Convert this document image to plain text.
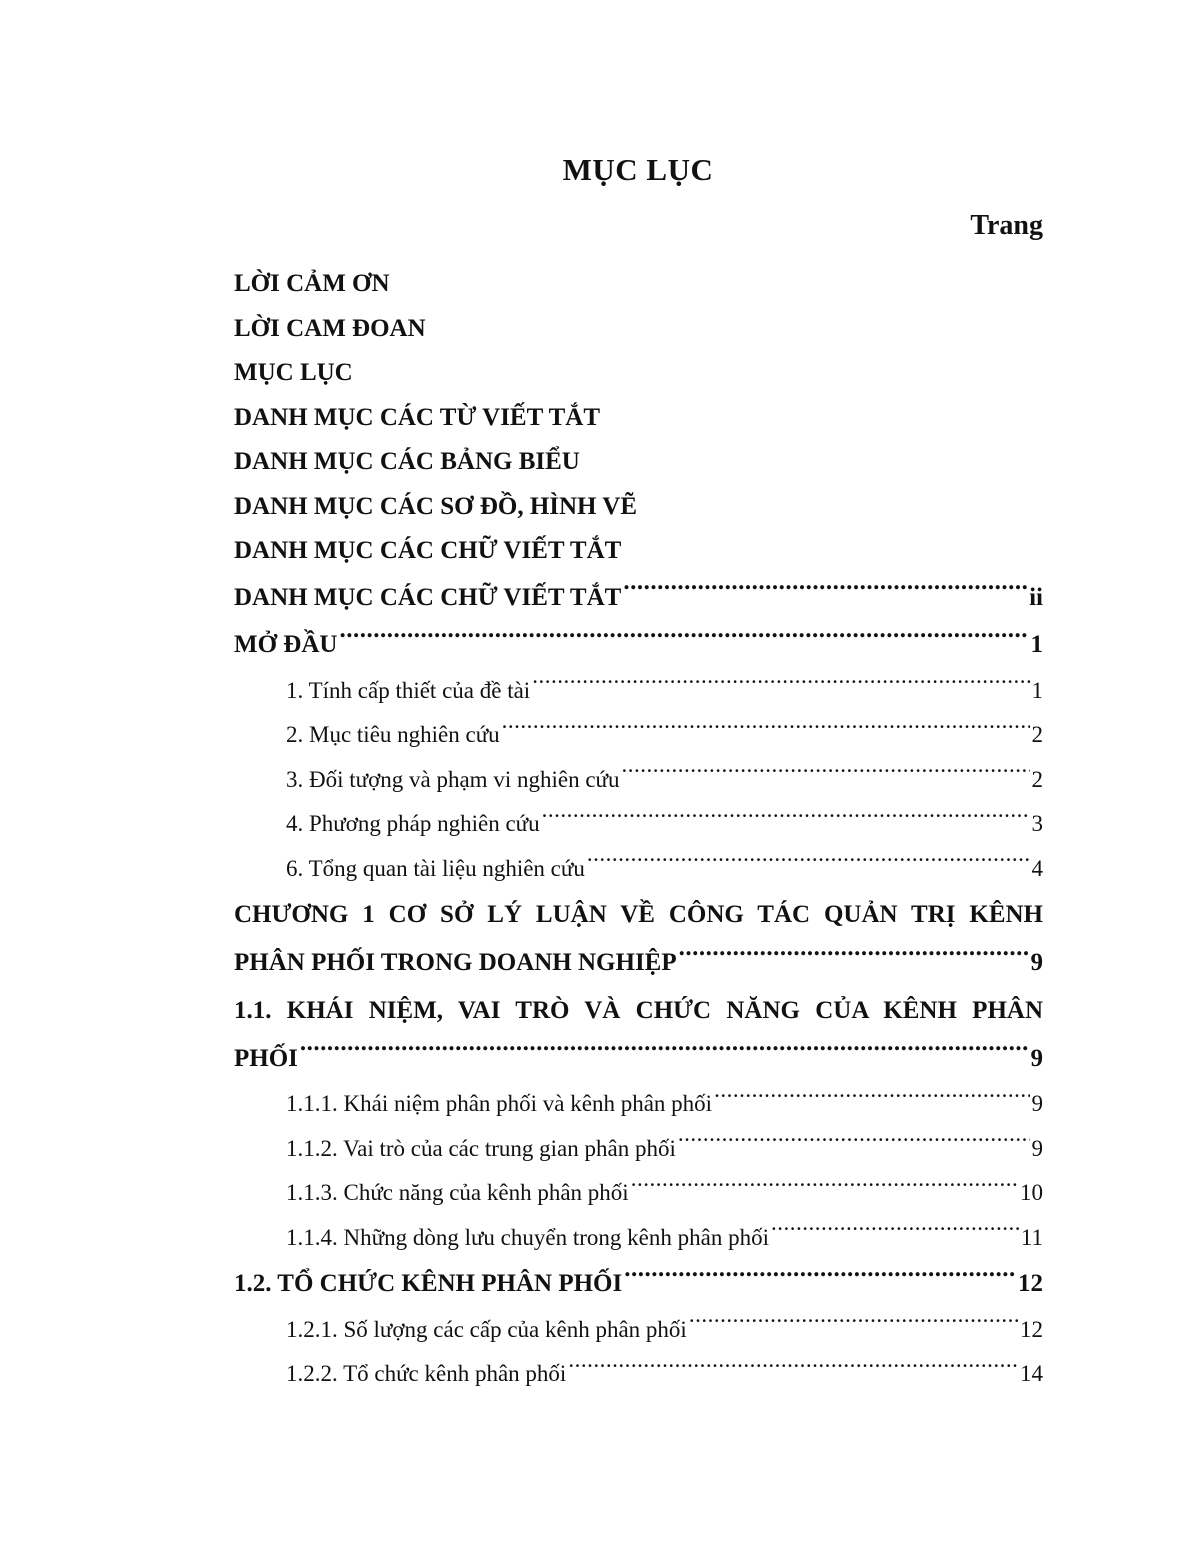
MỤC LỤC
Trang
LỜI CẢM ƠN
LỜI CAM ĐOAN
MỤC LỤC
DANH MỤC CÁC TỪ VIẾT TẮT
DANH MỤC CÁC BẢNG BIỂU
DANH MỤC CÁC SƠ ĐỒ, HÌNH VẼ
DANH MỤC CÁC CHỮ VIẾT TẮT
DANH MỤC CÁC CHỮ VIẾT TẮT .....	ii
MỞ ĐẦU .....	1
1. Tính cấp thiết của đề tài .....	1
2. Mục tiêu nghiên cứu .....	2
3. Đối tượng và phạm vi nghiên cứu .....	2
4. Phương pháp nghiên cứu .....	3
6. Tổng quan tài liệu nghiên cứu .....	4
CHƯƠNG 1 CƠ SỞ LÝ LUẬN VỀ CÔNG TÁC QUẢN TRỊ KÊNH
PHÂN PHỐI TRONG DOANH NGHIỆP .....	9
1.1. KHÁI NIỆM, VAI TRÒ VÀ CHỨC NĂNG CỦA KÊNH PHÂN
PHỐI .....	9
1.1.1. Khái niệm phân phối và kênh phân phối .....	9
1.1.2. Vai trò của các trung gian phân phối .....	9
1.1.3. Chức năng của kênh phân phối .....	10
1.1.4. Những dòng lưu chuyển trong kênh phân phối .....	11
1.2. TỔ CHỨC KÊNH PHÂN PHỐI .....	12
1.2.1. Số lượng các cấp của kênh phân phối .....	12
1.2.2. Tổ chức kênh phân phối .....	14
